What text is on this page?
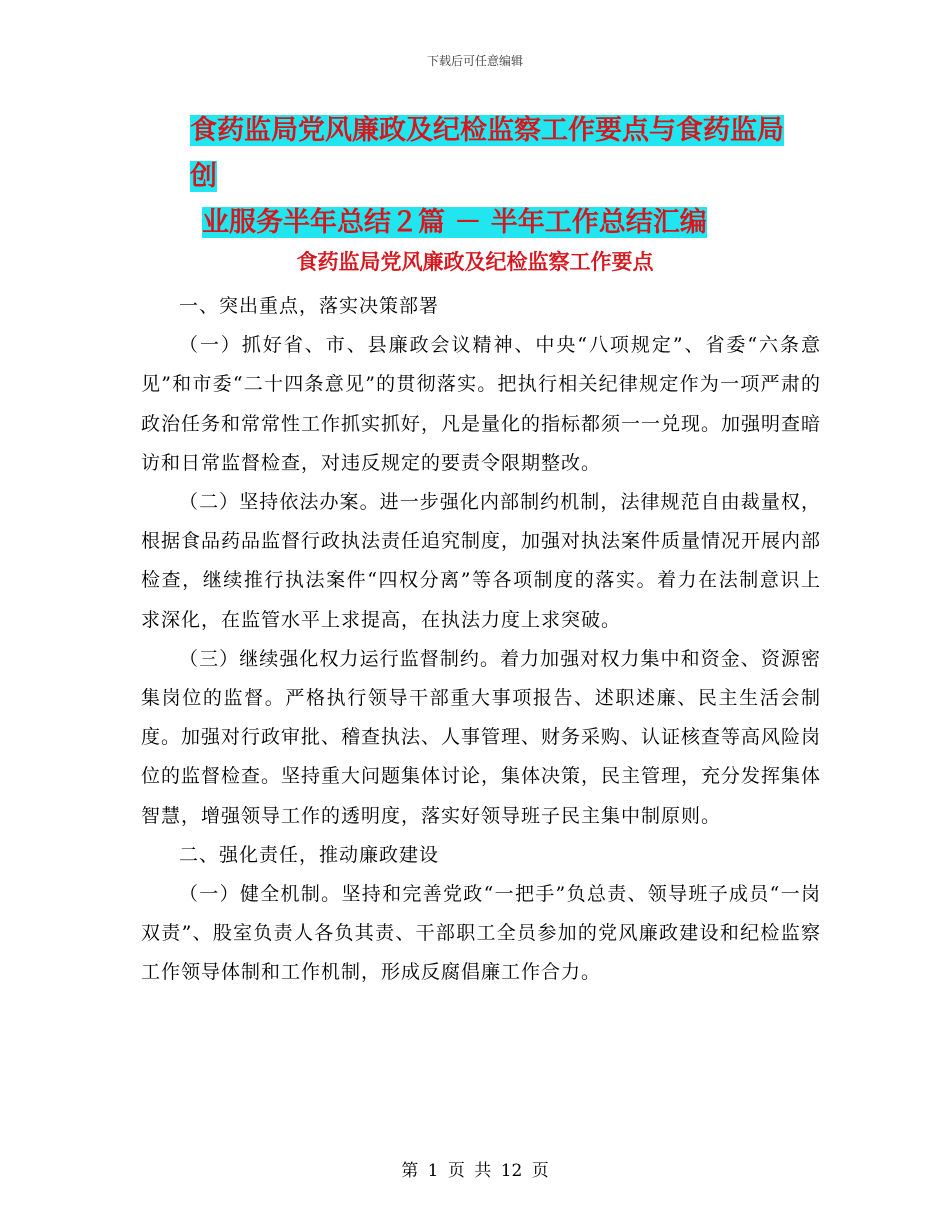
下载后可任意编辑
食药监局党风廉政及纪检监察工作要点与食药监局创
业服务半年总结２篇 － 半年工作总结汇编
食药监局党风廉政及纪检监察工作要点

一、突出重点，落实决策部署

（一）抓好省、市、县廉政会议精神、中央“八项规定”、省委“六条意见”和市委“二十四条意见”的贯彻落实。把执行相关纪律规定作为一项严肃的政治任务和常常性工作抓实抓好，凡是量化的指标都须一一兑现。加强明查暗访和日常监督检查，对违反规定的要责令限期整改。

（二）坚持依法办案。进一步强化内部制约机制，法律规范自由裁量权，根据食品药品监督行政执法责任追究制度，加强对执法案件质量情况开展内部检查，继续推行执法案件“四权分离”等各项制度的落实。着力在法制意识上求深化，在监管水平上求提高，在执法力度上求突破。

（三）继续强化权力运行监督制约。着力加强对权力集中和资金、资源密集岗位的监督。严格执行领导干部重大事项报告、述职述廉、民主生活会制度。加强对行政审批、稽查执法、人事管理、财务采购、认证核查等高风险岗位的监督检查。坚持重大问题集体讨论，集体决策，民主管理，充分发挥集体智慧，增强领导工作的透明度，落实好领导班子民主集中制原则。

二、强化责任，推动廉政建设

（一）健全机制。坚持和完善党政“一把手”负总责、领导班子成员“一岗双责”、股室负责人各负其责、干部职工全员参加的党风廉政建设和纪检监察工作领导体制和工作机制，形成反腐倡廉工作合力。

第 1 页 共 12 页
